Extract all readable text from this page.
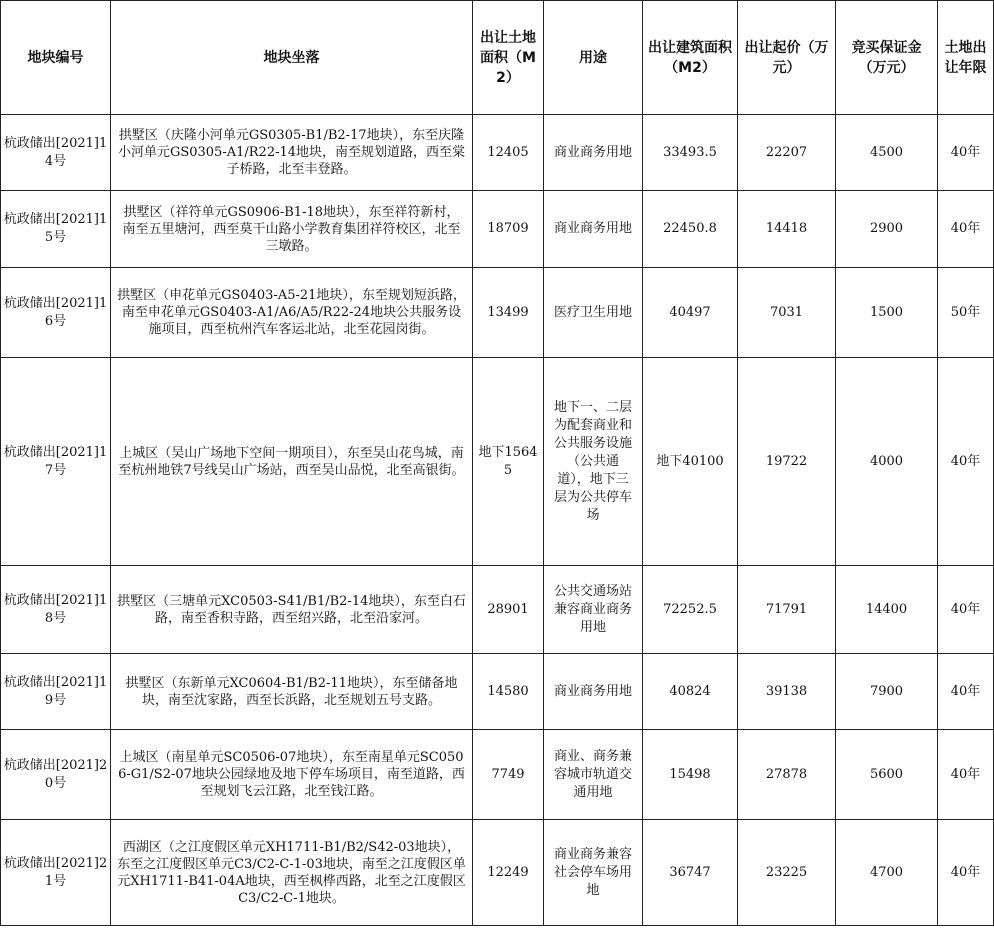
地块编号	地块坐落	出让土地面积（M2）	用途	出让建筑面积（M2）	出让起价（万元）	竞买保证金（万元）	土地出让年限
杭政储出[2021]14号	拱墅区（庆隆小河单元GS0305-B1/B2-17地块），东至庆隆小河单元GS0305-A1/R22-14地块，南至规划道路，西至棠子桥路，北至丰登路。	12405	商业商务用地	33493.5	22207	4500	40年
杭政储出[2021]15号	拱墅区（祥符单元GS0906-B1-18地块），东至祥符新村，南至五里塘河，西至莫干山路小学教育集团祥符校区，北至三墩路。	18709	商业商务用地	22450.8	14418	2900	40年
杭政储出[2021]16号	拱墅区（申花单元GS0403-A5-21地块），东至规划短浜路，南至申花单元GS0403-A1/A6/A5/R22-24地块公共服务设施项目，西至杭州汽车客运北站，北至花园岗街。	13499	医疗卫生用地	40497	7031	1500	50年
杭政储出[2021]17号	上城区（吴山广场地下空间一期项目），东至吴山花鸟城，南至杭州地铁7号线吴山广场站，西至吴山品悦，北至高银街。	地下15645	地下一、二层为配套商业和公共服务设施（公共通道），地下三层为公共停车场	地下40100	19722	4000	40年
杭政储出[2021]18号	拱墅区（三塘单元XC0503-S41/B1/B2-14地块），东至白石路，南至香积寺路，西至绍兴路，北至沿家河。	28901	公共交通场站兼容商业商务用地	72252.5	71791	14400	40年
杭政储出[2021]19号	拱墅区（东新单元XC0604-B1/B2-11地块），东至储备地块，南至沈家路，西至长浜路，北至规划五号支路。	14580	商业商务用地	40824	39138	7900	40年
杭政储出[2021]20号	上城区（南星单元SC0506-07地块），东至南星单元SC0506-G1/S2-07地块公园绿地及地下停车场项目，南至道路，西至规划飞云江路，北至钱江路。	7749	商业、商务兼容城市轨道交通用地	15498	27878	5600	40年
杭政储出[2021]21号	西湖区（之江度假区单元XH1711-B1/B2/S42-03地块），东至之江度假区单元C3/C2-C-1-03地块，南至之江度假区单元XH1711-B41-04A地块，西至枫桦西路，北至之江度假区C3/C2-C-1地块。	12249	商业商务兼容社会停车场用地	36747	23225	4700	40年
